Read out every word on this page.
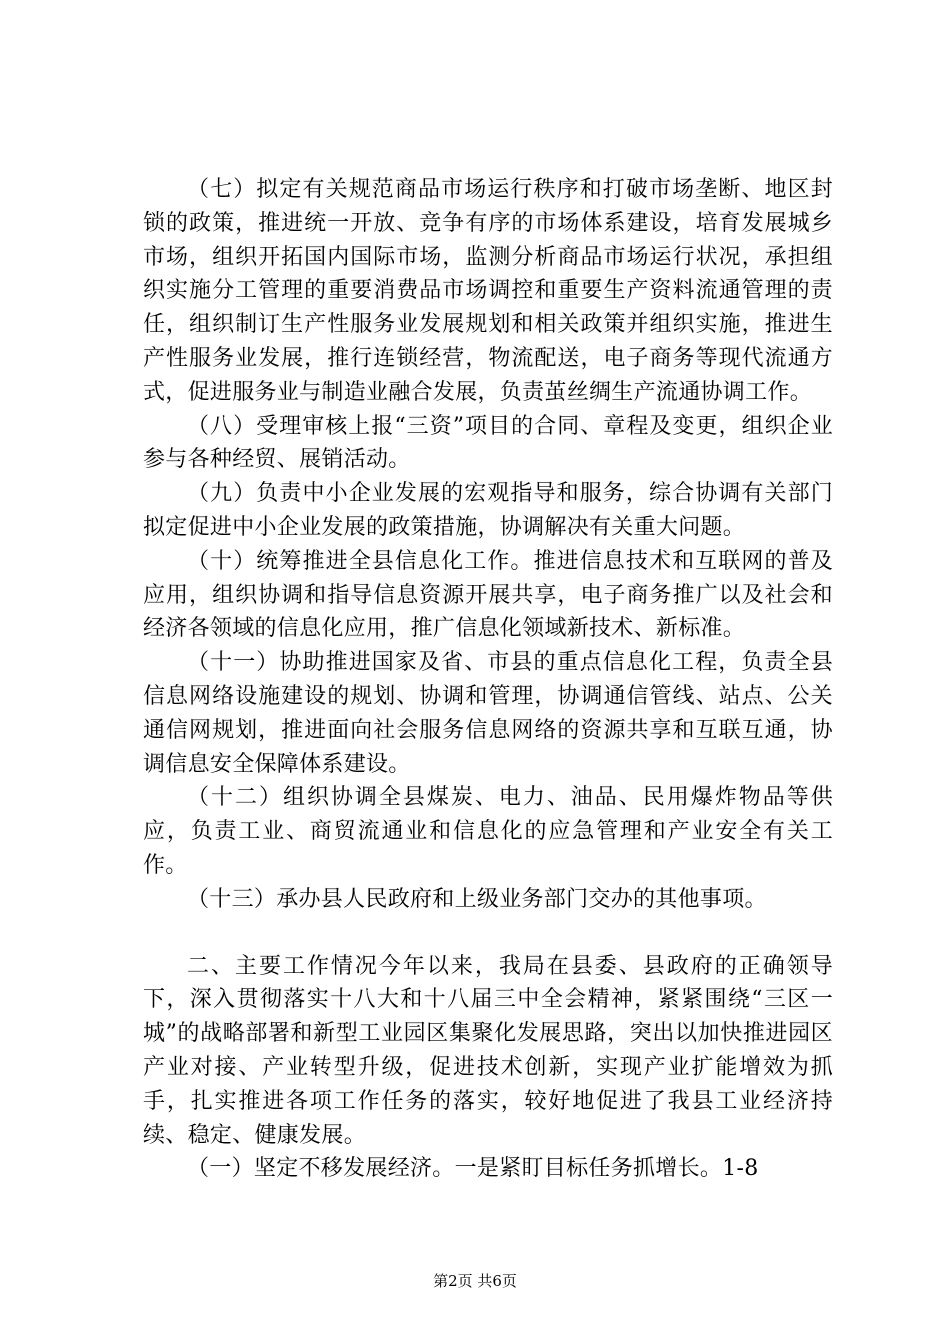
（七）拟定有关规范商品市场运行秩序和打破市场垄断、地区封锁的政策，推进统一开放、竞争有序的市场体系建设，培育发展城乡市场，组织开拓国内国际市场，监测分析商品市场运行状况，承担组织实施分工管理的重要消费品市场调控和重要生产资料流通管理的责任，组织制订生产性服务业发展规划和相关政策并组织实施，推进生产性服务业发展，推行连锁经营，物流配送，电子商务等现代流通方式，促进服务业与制造业融合发展，负责茧丝绸生产流通协调工作。

（八）受理审核上报“三资”项目的合同、章程及变更，组织企业参与各种经贸、展销活动。

（九）负责中小企业发展的宏观指导和服务，综合协调有关部门拟定促进中小企业发展的政策措施，协调解决有关重大问题。

（十）统筹推进全县信息化工作。推进信息技术和互联网的普及应用，组织协调和指导信息资源开展共享，电子商务推广以及社会和经济各领域的信息化应用，推广信息化领域新技术、新标准。

（十一）协助推进国家及省、市县的重点信息化工程，负责全县信息网络设施建设的规划、协调和管理，协调通信管线、站点、公关通信网规划，推进面向社会服务信息网络的资源共享和互联互通，协调信息安全保障体系建设。

（十二）组织协调全县煤炭、电力、油品、民用爆炸物品等供应，负责工业、商贸流通业和信息化的应急管理和产业安全有关工作。

（十三）承办县人民政府和上级业务部门交办的其他事项。

二、主要工作情况今年以来，我局在县委、县政府的正确领导下，深入贯彻落实十八大和十八届三中全会精神，紧紧围绕“三区一城”的战略部署和新型工业园区集聚化发展思路，突出以加快推进园区产业对接、产业转型升级，促进技术创新，实现产业扩能增效为抓手，扎实推进各项工作任务的落实，较好地促进了我县工业经济持续、稳定、健康发展。

（一）坚定不移发展经济。一是紧盯目标任务抓增长。1-8

第2页 共6页
